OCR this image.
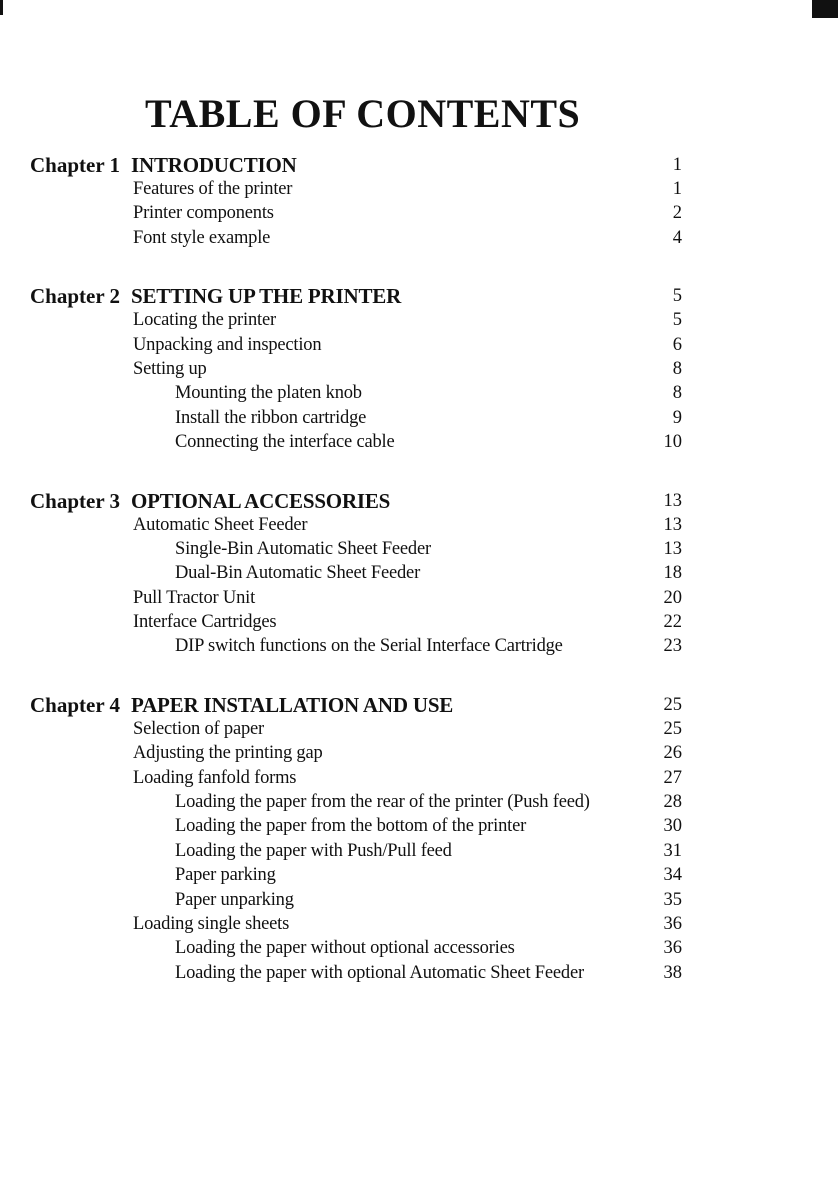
TABLE OF CONTENTS
Chapter 1 INTRODUCTION	1
Features of the printer	1
Printer components	2
Font style example	4
Chapter 2 SETTING UP THE PRINTER	5
Locating the printer	5
Unpacking and inspection	6
Setting up	8
Mounting the platen knob	8
Install the ribbon cartridge	9
Connecting the interface cable	10
Chapter 3 OPTIONAL ACCESSORIES	13
Automatic Sheet Feeder	13
Single-Bin Automatic Sheet Feeder	13
Dual-Bin Automatic Sheet Feeder	18
Pull Tractor Unit	20
Interface Cartridges	22
DIP switch functions on the Serial Interface Cartridge	23
Chapter 4 PAPER INSTALLATION AND USE	25
Selection of paper	25
Adjusting the printing gap	26
Loading fanfold forms	27
Loading the paper from the rear of the printer (Push feed)	28
Loading the paper from the bottom of the printer	30
Loading the paper with Push/Pull feed	31
Paper parking	34
Paper unparking	35
Loading single sheets	36
Loading the paper without optional accessories	36
Loading the paper with optional Automatic Sheet Feeder	38
